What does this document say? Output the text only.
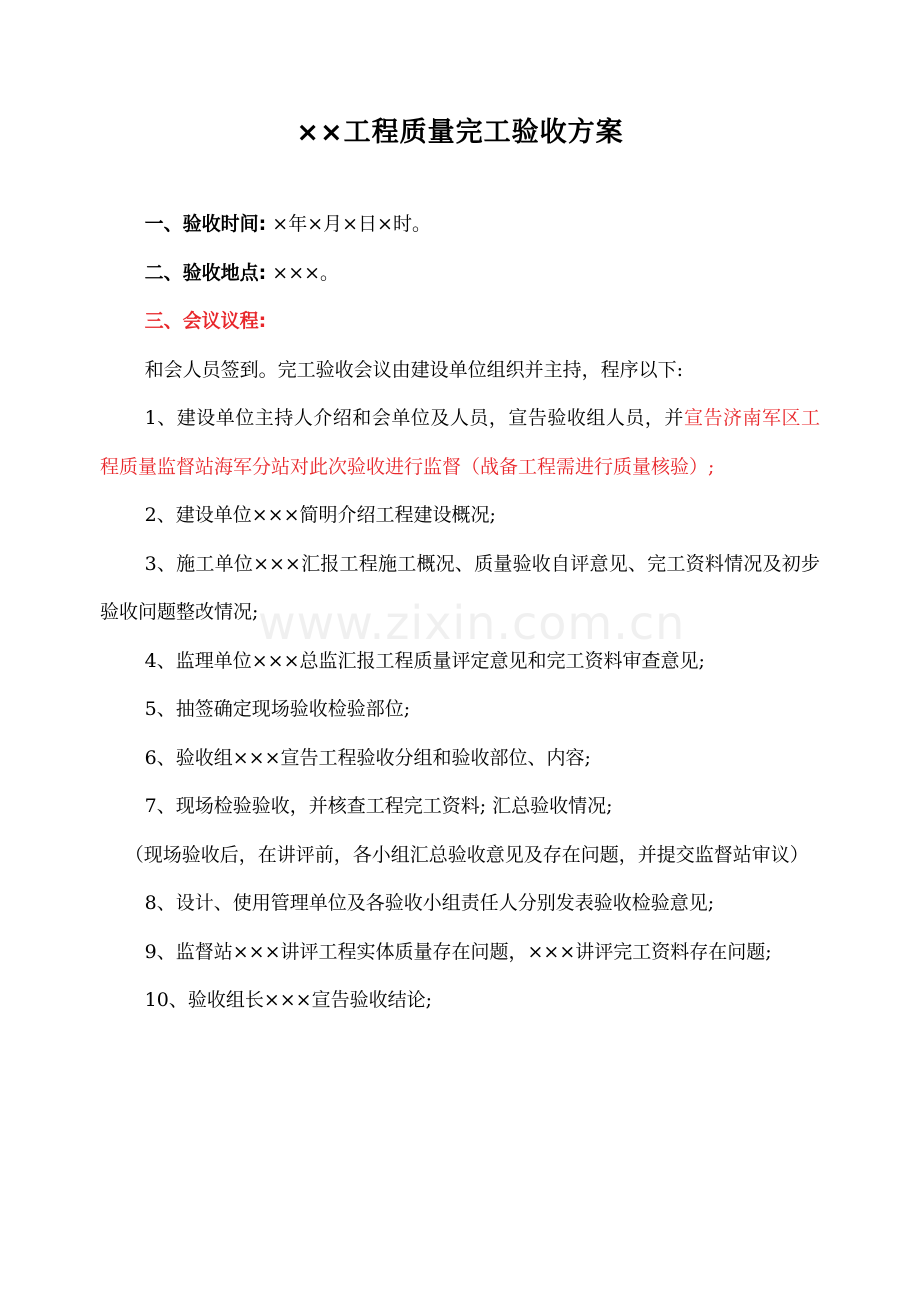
www.zixin.com.cn
××工程质量完工验收方案

一、验收时间: ×年×月×日×时。

二、验收地点: ×××。

三、会议议程:

和会人员签到。完工验收会议由建设单位组织并主持，程序以下:

1、建设单位主持人介绍和会单位及人员，宣告验收组人员，并宣告济南军区工程质量监督站海军分站对此次验收进行监督（战备工程需进行质量核验）;

2、建设单位×××简明介绍工程建设概况;

3、施工单位×××汇报工程施工概况、质量验收自评意见、完工资料情况及初步验收问题整改情况;

4、监理单位×××总监汇报工程质量评定意见和完工资料审查意见;

5、抽签确定现场验收检验部位;

6、验收组×××宣告工程验收分组和验收部位、内容;

7、现场检验验收，并核查工程完工资料; 汇总验收情况;

（现场验收后，在讲评前，各小组汇总验收意见及存在问题，并提交监督站审议）

8、设计、使用管理单位及各验收小组责任人分别发表验收检验意见;

9、监督站×××讲评工程实体质量存在问题，×××讲评完工资料存在问题;

10、验收组长×××宣告验收结论;
